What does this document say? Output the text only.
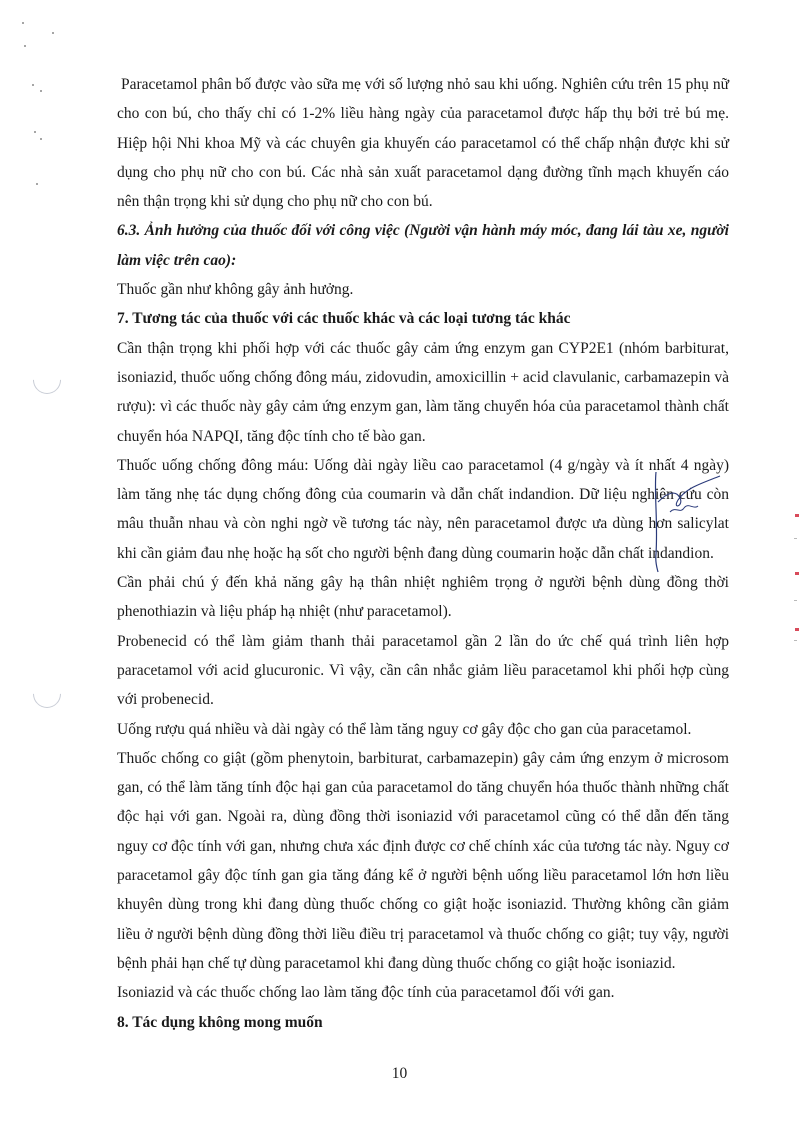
Paracetamol phân bố được vào sữa mẹ với số lượng nhỏ sau khi uống. Nghiên cứu trên 15 phụ nữ cho con bú, cho thấy chỉ có 1-2% liều hàng ngày của paracetamol được hấp thụ bởi trẻ bú mẹ. Hiệp hội Nhi khoa Mỹ và các chuyên gia khuyến cáo paracetamol có thể chấp nhận được khi sử dụng cho phụ nữ cho con bú. Các nhà sản xuất paracetamol dạng đường tĩnh mạch khuyến cáo nên thận trọng khi sử dụng cho phụ nữ cho con bú.

6.3. Ảnh hưởng của thuốc đối với công việc (Người vận hành máy móc, đang lái tàu xe, người làm việc trên cao):

Thuốc gần như không gây ảnh hưởng.

7. Tương tác của thuốc với các thuốc khác và các loại tương tác khác

Cần thận trọng khi phối hợp với các thuốc gây cảm ứng enzym gan CYP2E1 (nhóm barbiturat, isoniazid, thuốc uống chống đông máu, zidovudin, amoxicillin + acid clavulanic, carbamazepin và rượu): vì các thuốc này gây cảm ứng enzym gan, làm tăng chuyển hóa của paracetamol thành chất chuyển hóa NAPQI, tăng độc tính cho tế bào gan.

Thuốc uống chống đông máu: Uống dài ngày liều cao paracetamol (4 g/ngày và ít nhất 4 ngày) làm tăng nhẹ tác dụng chống đông của coumarin và dẫn chất indandion. Dữ liệu nghiên cứu còn mâu thuẫn nhau và còn nghi ngờ về tương tác này, nên paracetamol được ưa dùng hơn salicylat khi cần giảm đau nhẹ hoặc hạ sốt cho người bệnh đang dùng coumarin hoặc dẫn chất indandion.

Cần phải chú ý đến khả năng gây hạ thân nhiệt nghiêm trọng ở người bệnh dùng đồng thời phenothiazin và liệu pháp hạ nhiệt (như paracetamol).

Probenecid có thể làm giảm thanh thải paracetamol gần 2 lần do ức chế quá trình liên hợp paracetamol với acid glucuronic. Vì vậy, cần cân nhắc giảm liều paracetamol khi phối hợp cùng với probenecid.

Uống rượu quá nhiều và dài ngày có thể làm tăng nguy cơ gây độc cho gan của paracetamol.

Thuốc chống co giật (gồm phenytoin, barbiturat, carbamazepin) gây cảm ứng enzym ở microsom gan, có thể làm tăng tính độc hại gan của paracetamol do tăng chuyển hóa thuốc thành những chất độc hại với gan. Ngoài ra, dùng đồng thời isoniazid với paracetamol cũng có thể dẫn đến tăng nguy cơ độc tính với gan, nhưng chưa xác định được cơ chế chính xác của tương tác này. Nguy cơ paracetamol gây độc tính gan gia tăng đáng kể ở người bệnh uống liều paracetamol lớn hơn liều khuyên dùng trong khi đang dùng thuốc chống co giật hoặc isoniazid. Thường không cần giảm liều ở người bệnh dùng đồng thời liều điều trị paracetamol và thuốc chống co giật; tuy vậy, người bệnh phải hạn chế tự dùng paracetamol khi đang dùng thuốc chống co giật hoặc isoniazid.

Isoniazid và các thuốc chống lao làm tăng độc tính của paracetamol đối với gan.

8. Tác dụng không mong muốn

10
